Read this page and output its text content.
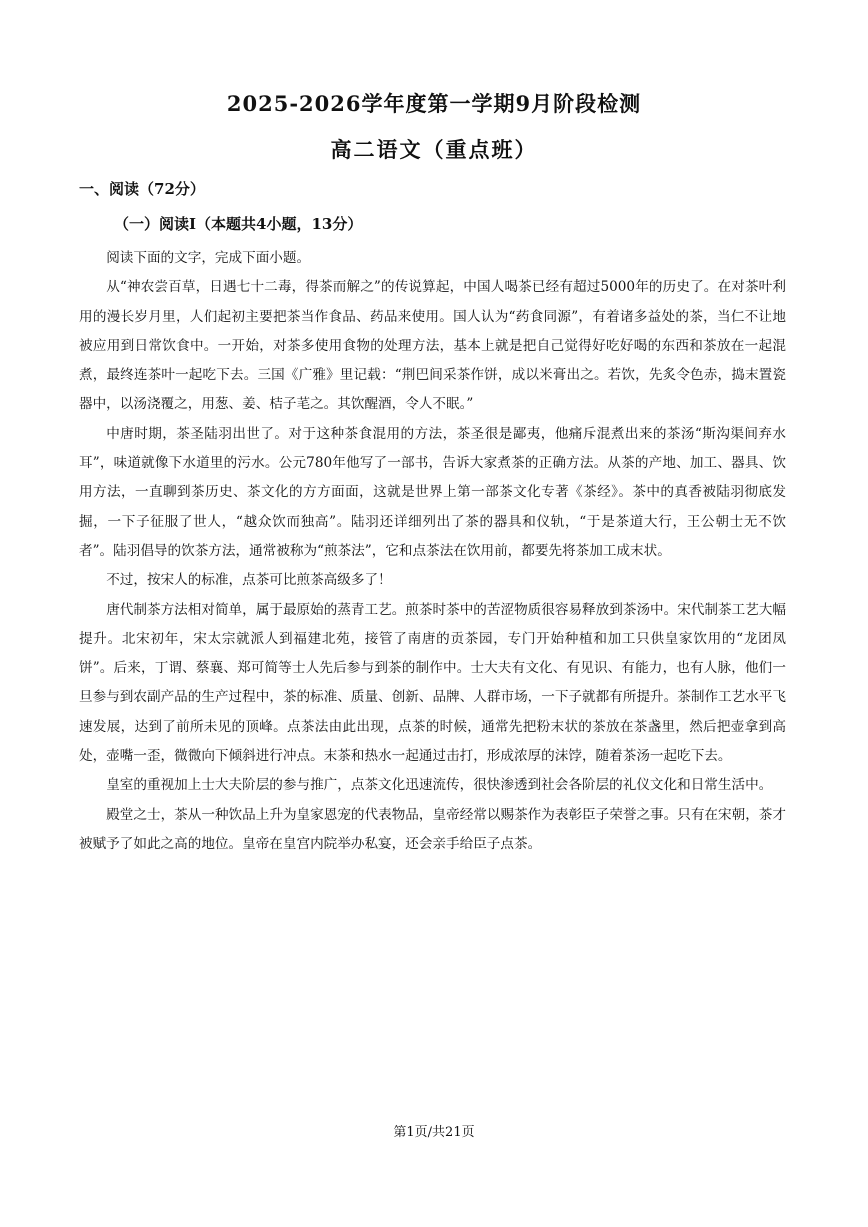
2025-2026学年度第一学期9月阶段检测
高二语文（重点班）
一、阅读（72分）
（一）阅读Ⅰ（本题共4小题，13分）

阅读下面的文字，完成下面小题。

从“神农尝百草，日遇七十二毒，得茶而解之”的传说算起，中国人喝茶已经有超过5000年的历史了。在对茶叶利用的漫长岁月里，人们起初主要把茶当作食品、药品来使用。国人认为“药食同源”，有着诸多益处的茶，当仁不让地被应用到日常饮食中。一开始，对茶多使用食物的处理方法，基本上就是把自己觉得好吃好喝的东西和茶放在一起混煮，最终连茶叶一起吃下去。三国《广雅》里记载：“荆巴间采茶作饼，成以米膏出之。若饮，先炙令色赤，捣末置瓷器中，以汤浇覆之，用葱、姜、桔子芼之。其饮醒酒，令人不眠。”

中唐时期，茶圣陆羽出世了。对于这种茶食混用的方法，茶圣很是鄙夷，他痛斥混煮出来的茶汤“斯沟渠间弃水耳”，味道就像下水道里的污水。公元780年他写了一部书，告诉大家煮茶的正确方法。从茶的产地、加工、器具、饮用方法，一直聊到茶历史、茶文化的方方面面，这就是世界上第一部茶文化专著《茶经》。茶中的真香被陆羽彻底发掘，一下子征服了世人，“越众饮而独高”。陆羽还详细列出了茶的器具和仪轨，“于是茶道大行，王公朝士无不饮者”。陆羽倡导的饮茶方法，通常被称为“煎茶法”，它和点茶法在饮用前，都要先将茶加工成末状。

不过，按宋人的标准，点茶可比煎茶高级多了！

唐代制茶方法相对简单，属于最原始的蒸青工艺。煎茶时茶中的苦涩物质很容易释放到茶汤中。宋代制茶工艺大幅提升。北宋初年，宋太宗就派人到福建北苑，接管了南唐的贡茶园，专门开始种植和加工只供皇家饮用的“龙团凤饼”。后来，丁谓、蔡襄、郑可简等士人先后参与到茶的制作中。士大夫有文化、有见识、有能力，也有人脉，他们一旦参与到农副产品的生产过程中，茶的标准、质量、创新、品牌、人群市场，一下子就都有所提升。茶制作工艺水平飞速发展，达到了前所未见的顶峰。点茶法由此出现，点茶的时候，通常先把粉末状的茶放在茶盏里，然后把壶拿到高处，壶嘴一歪，微微向下倾斜进行冲点。末茶和热水一起通过击打，形成浓厚的沫饽，随着茶汤一起吃下去。

皇室的重视加上士大夫阶层的参与推广，点茶文化迅速流传，很快渗透到社会各阶层的礼仪文化和日常生活中。

殿堂之士，茶从一种饮品上升为皇家恩宠的代表物品，皇帝经常以赐茶作为表彰臣子荣誉之事。只有在宋朝，茶才被赋予了如此之高的地位。皇帝在皇宫内院举办私宴，还会亲手给臣子点茶。

第1页/共21页
